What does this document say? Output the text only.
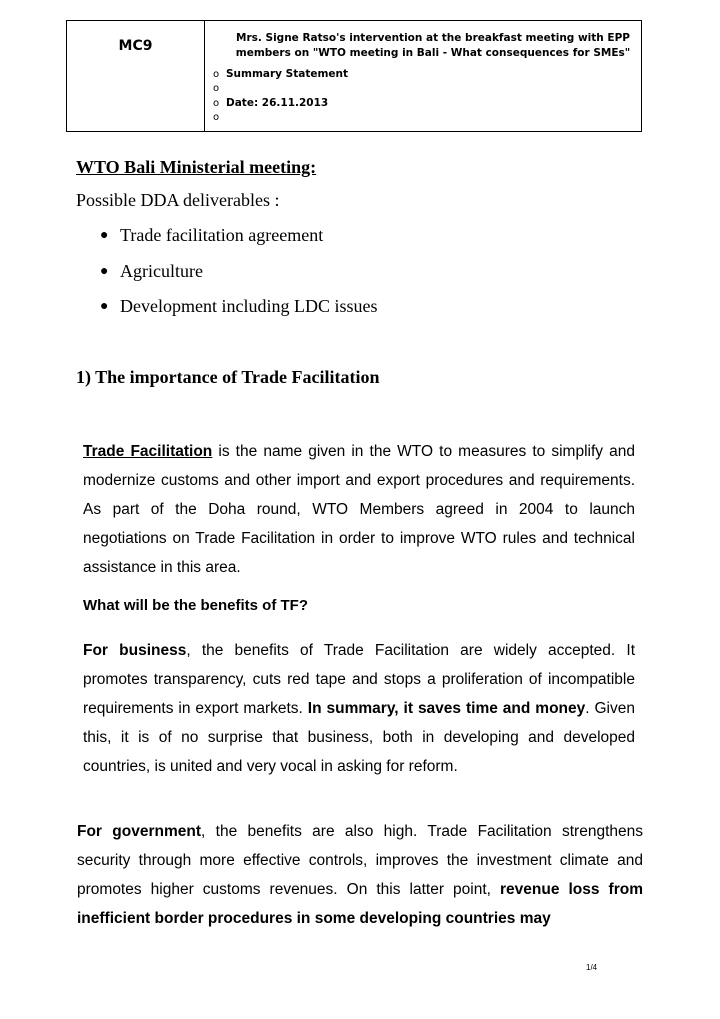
MC9	Mrs. Signe Ratso's intervention at the breakfast meeting with EPP
members on "WTO meeting in Bali - What consequences for SMEs"
o Summary Statement
o
o Date: 26.11.2013
o
WTO Bali Ministerial meeting:
Possible DDA deliverables :
● Trade facilitation agreement
● Agriculture
● Development including LDC issues
1) The importance of Trade Facilitation
Trade Facilitation is the name given in the WTO to measures to simplify and modernize customs and other import and export procedures and requirements. As part of the Doha round, WTO Members agreed in 2004 to launch negotiations on Trade Facilitation in order to improve WTO rules and technical assistance in this area.
What will be the benefits of TF?
For business, the benefits of Trade Facilitation are widely accepted. It promotes transparency, cuts red tape and stops a proliferation of incompatible requirements in export markets. In summary, it saves time and money. Given this, it is of no surprise that business, both in developing and developed countries, is united and very vocal in asking for reform.
For government, the benefits are also high. Trade Facilitation strengthens security through more effective controls, improves the investment climate and promotes higher customs revenues. On this latter point, revenue loss from inefficient border procedures in some developing countries may
1/4
